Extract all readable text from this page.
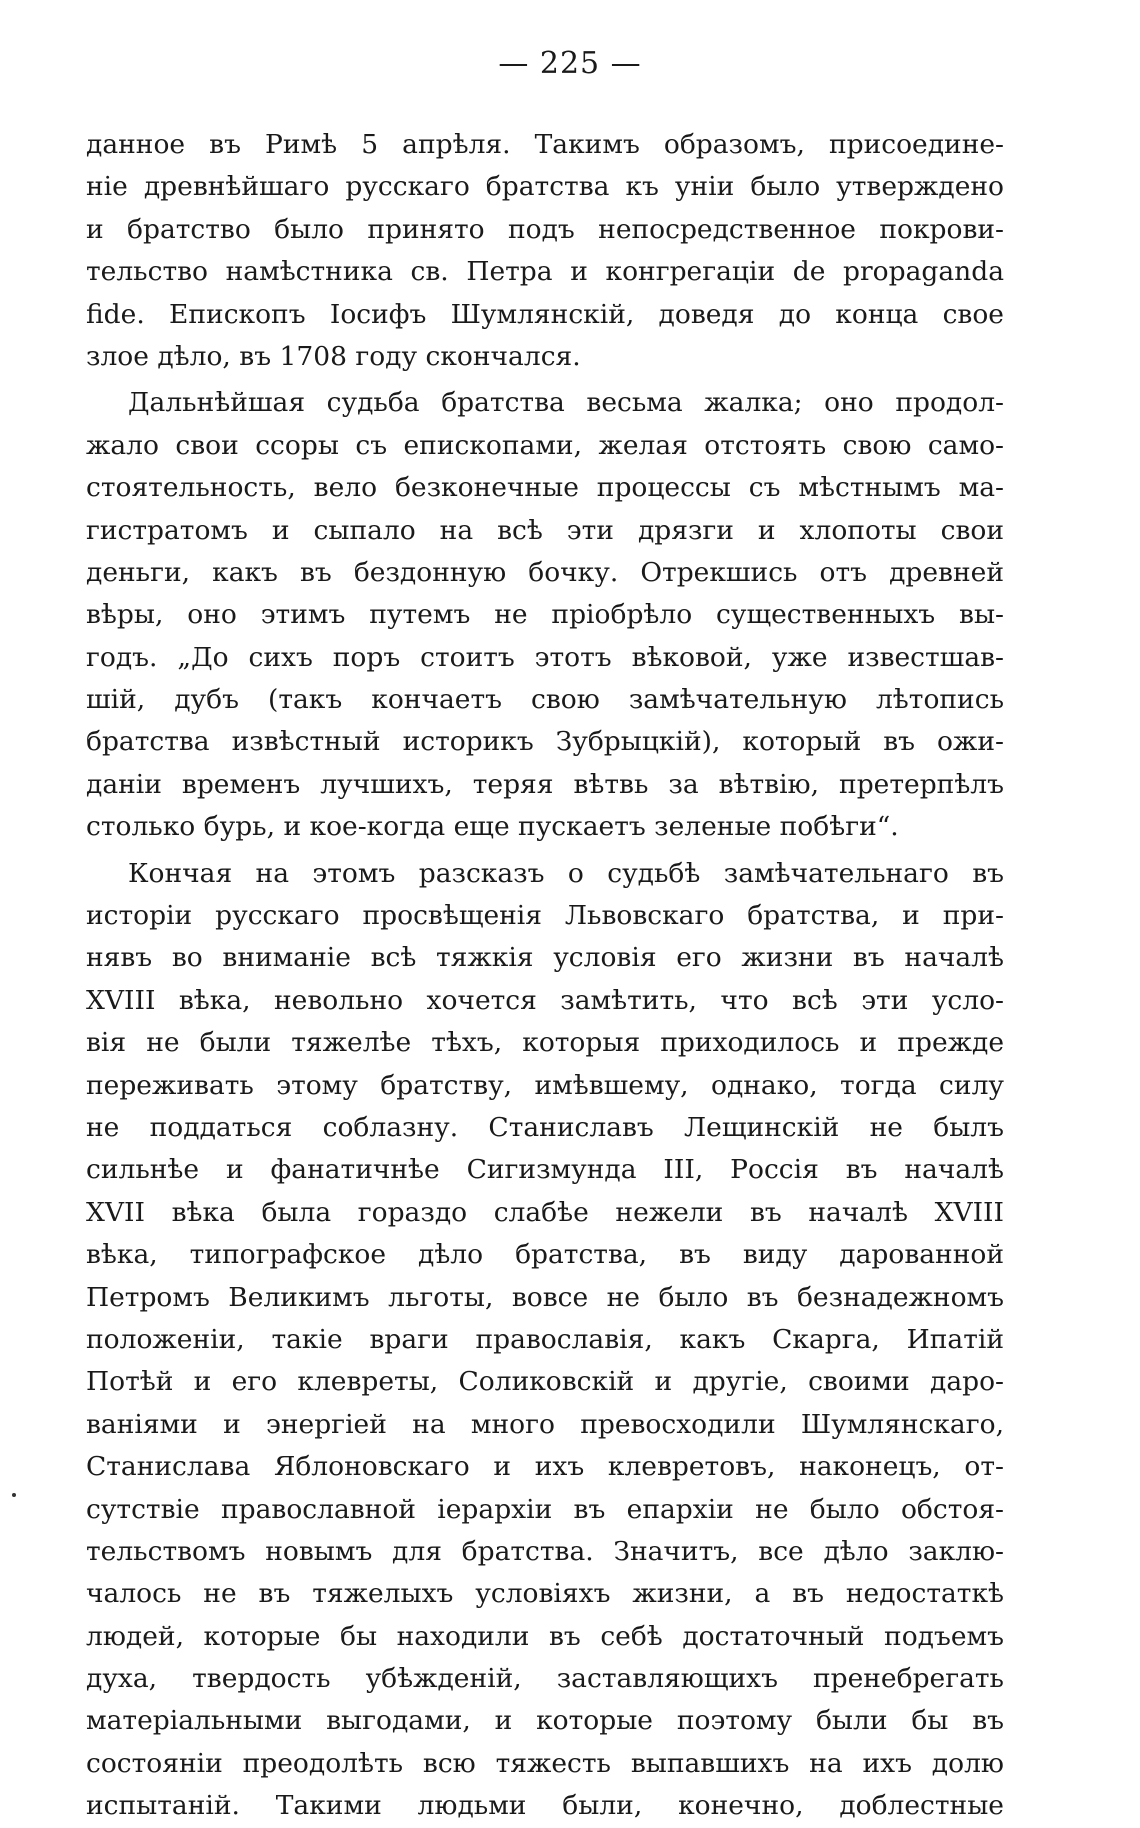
— 225 —
данное въ Римѣ 5 апрѣля. Такимъ образомъ, присоедине-
ніе древнѣйшаго русскаго братства къ уніи было утверждено
и братство было принято подъ непосредственное покрови-
тельство намѣстника св. Петра и конгрегаціи de propaganda
fide. Епископъ Іосифъ Шумлянскій, доведя до конца свое
злое дѣло, въ 1708 году скончался.
Дальнѣйшая судьба братства весьма жалка; оно продол-
жало свои ссоры съ епископами, желая отстоять свою само-
стоятельность, вело безконечные процессы съ мѣстнымъ ма-
гистратомъ и сыпало на всѣ эти дрязги и хлопоты свои
деньги, какъ въ бездонную бочку. Отрекшись отъ древней
вѣры, оно этимъ путемъ не пріобрѣло существенныхъ вы-
годъ. „До сихъ поръ стоитъ этотъ вѣковой, уже известшав-
шій, дубъ (такъ кончаетъ свою замѣчательную лѣтопись
братства извѣстный историкъ Зубрыцкій), который въ ожи-
даніи временъ лучшихъ, теряя вѣтвь за вѣтвію, претерпѣлъ
столько бурь, и кое-когда еще пускаетъ зеленые побѣги“.
Кончая на этомъ разсказъ о судьбѣ замѣчательнаго въ
исторіи русскаго просвѣщенія Львовскаго братства, и при-
нявъ во вниманіе всѣ тяжкія условія его жизни въ началѣ
XVIII вѣка, невольно хочется замѣтить, что всѣ эти усло-
вія не были тяжелѣе тѣхъ, которыя приходилось и прежде
переживать этому братству, имѣвшему, однако, тогда силу
не поддаться соблазну. Станиславъ Лещинскій не былъ
сильнѣе и фанатичнѣе Сигизмунда III, Россія въ началѣ
XVII вѣка была гораздо слабѣе нежели въ началѣ XVIII
вѣка, типографское дѣло братства, въ виду дарованной
Петромъ Великимъ льготы, вовсе не было въ безнадежномъ
положеніи, такіе враги православія, какъ Скарга, Ипатій
Потѣй и его клевреты, Соликовскій и другіе, своими даро-
ваніями и энергіей на много превосходили Шумлянскаго,
Станислава Яблоновскаго и ихъ клевретовъ, наконецъ, от-
сутствіе православной іерархіи въ епархіи не было обстоя-
тельствомъ новымъ для братства. Значитъ, все дѣло заклю-
чалось не въ тяжелыхъ условіяхъ жизни, а въ недостаткѣ
людей, которые бы находили въ себѣ достаточный подъемъ
духа, твердость убѣжденій, заставляющихъ пренебрегать
матеріальными выгодами, и которые поэтому были бы въ
состояніи преодолѣть всю тяжесть выпавшихъ на ихъ долю
испытаній. Такими людьми были, конечно, доблестные
